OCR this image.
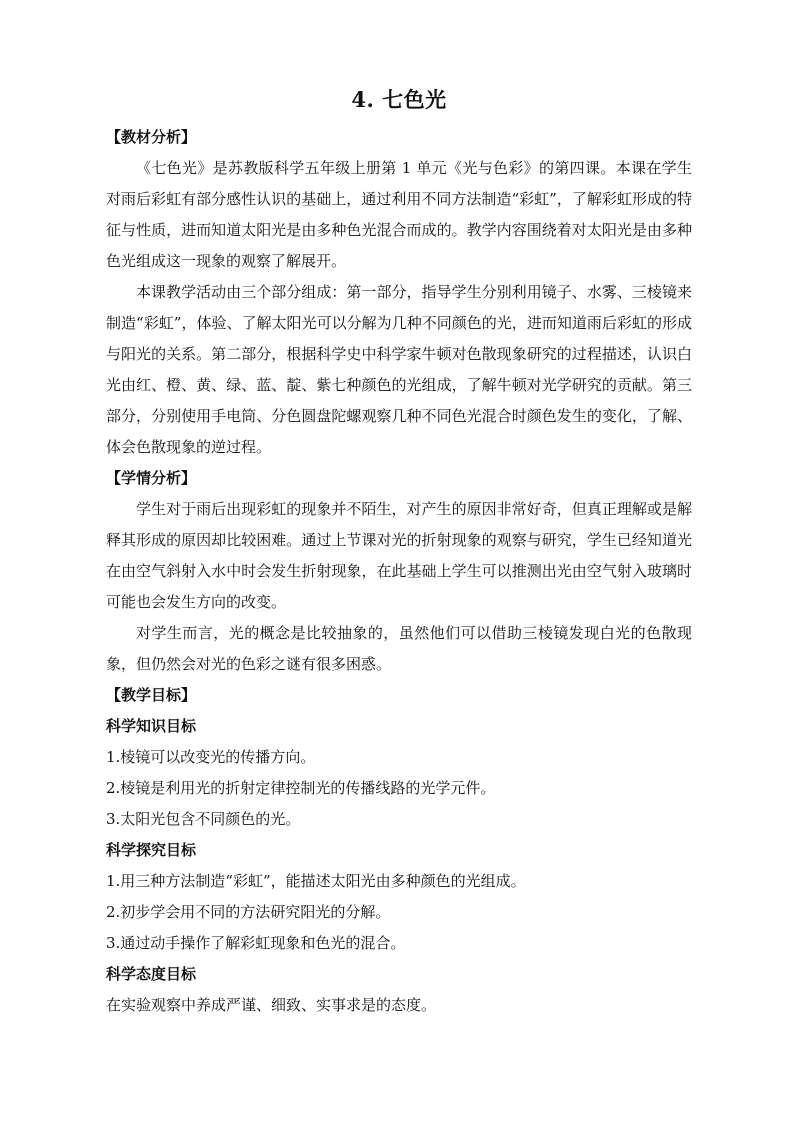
4. 七色光

【教材分析】

《七色光》是苏教版科学五年级上册第 1 单元《光与色彩》的第四课。本课在学生对雨后彩虹有部分感性认识的基础上，通过利用不同方法制造“彩虹”，了解彩虹形成的特征与性质，进而知道太阳光是由多种色光混合而成的。教学内容围绕着对太阳光是由多种色光组成这一现象的观察了解展开。

本课教学活动由三个部分组成：第一部分，指导学生分别利用镜子、水雾、三棱镜来制造“彩虹”，体验、了解太阳光可以分解为几种不同颜色的光，进而知道雨后彩虹的形成与阳光的关系。第二部分，根据科学史中科学家牛顿对色散现象研究的过程描述，认识白光由红、橙、黄、绿、蓝、靛、紫七种颜色的光组成，了解牛顿对光学研究的贡献。第三部分，分别使用手电筒、分色圆盘陀螺观察几种不同色光混合时颜色发生的变化，了解、体会色散现象的逆过程。

【学情分析】

学生对于雨后出现彩虹的现象并不陌生，对产生的原因非常好奇，但真正理解或是解释其形成的原因却比较困难。通过上节课对光的折射现象的观察与研究，学生已经知道光在由空气斜射入水中时会发生折射现象，在此基础上学生可以推测出光由空气射入玻璃时可能也会发生方向的改变。

对学生而言，光的概念是比较抽象的，虽然他们可以借助三棱镜发现白光的色散现象，但仍然会对光的色彩之谜有很多困惑。

【教学目标】

科学知识目标

1.棱镜可以改变光的传播方向。

2.棱镜是利用光的折射定律控制光的传播线路的光学元件。

3.太阳光包含不同颜色的光。

科学探究目标

1.用三种方法制造“彩虹”，能描述太阳光由多种颜色的光组成。

2.初步学会用不同的方法研究阳光的分解。

3.通过动手操作了解彩虹现象和色光的混合。

科学态度目标

在实验观察中养成严谨、细致、实事求是的态度。
